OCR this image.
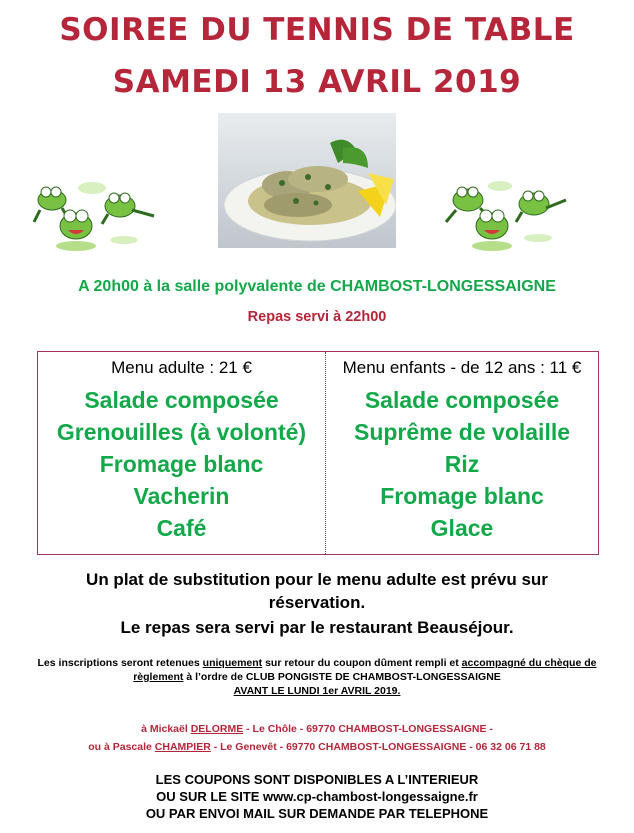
SOIREE DU TENNIS DE TABLE
SAMEDI 13 AVRIL 2019
A 20h00 à la salle polyvalente de CHAMBOST-LONGESSAIGNE
Repas servi à 22h00
Menu adulte : 21 €
Salade composée
Grenouilles (à volonté)
Fromage blanc
Vacherin
Café
Menu enfants - de 12 ans : 11 €
Salade composée
Suprême de volaille
Riz
Fromage blanc
Glace
Un plat de substitution pour le menu adulte est prévu sur réservation.
Le repas sera servi par le restaurant Beauséjour.
Les inscriptions seront retenues uniquement sur retour du coupon dûment rempli et accompagné du chèque de règlement à l’ordre de CLUB PONGISTE DE CHAMBOST-LONGESSAIGNE
AVANT LE LUNDI 1er AVRIL 2019.
à Mickaël DELORME - Le Chôle - 69770 CHAMBOST-LONGESSAIGNE -
ou à Pascale CHAMPIER - Le Genevêt - 69770 CHAMBOST-LONGESSAIGNE - 06 32 06 71 88
LES COUPONS SONT DISPONIBLES A L’INTERIEUR
OU SUR LE SITE www.cp-chambost-longessaigne.fr
OU PAR ENVOI MAIL SUR DEMANDE PAR TELEPHONE
